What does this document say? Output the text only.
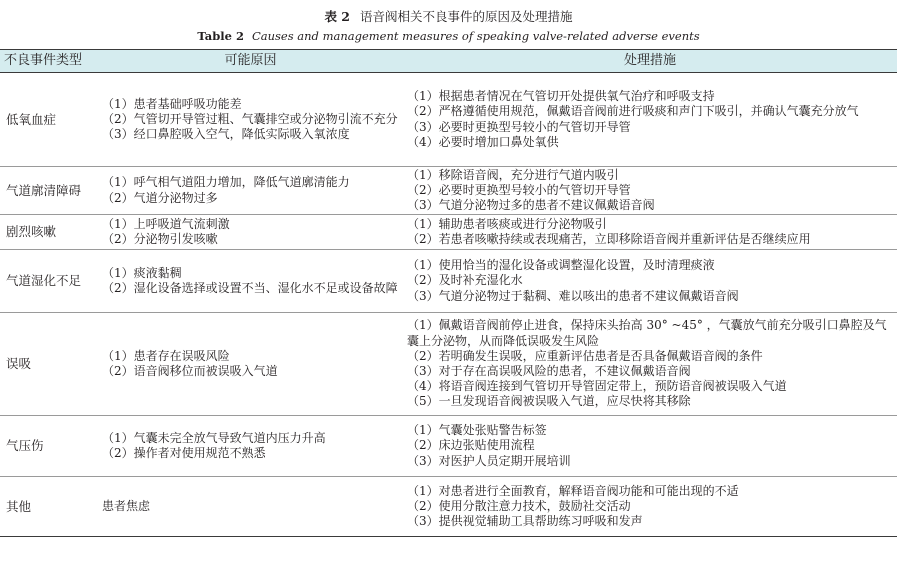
表 2 语音阀相关不良事件的原因及处理措施
Table 2 Causes and management measures of speaking valve-related adverse events
不良事件类型	可能原因	处理措施
低氧血症	（1）患者基础呼吸功能差
（2）气管切开导管过粗、气囊排空或分泌物引流不充分
（3）经口鼻腔吸入空气，降低实际吸入氧浓度	（1）根据患者情况在气管切开处提供氧气治疗和呼吸支持
（2）严格遵循使用规范，佩戴语音阀前进行吸痰和声门下吸引，并确认气囊充分放气
（3）必要时更换型号较小的气管切开导管
（4）必要时增加口鼻处氧供

气道廓清障碍	（1）呼气相气道阻力增加，降低气道廓清能力
（2）气道分泌物过多	（1）移除语音阀，充分进行气道内吸引
（2）必要时更换型号较小的气管切开导管
（3）气道分泌物过多的患者不建议佩戴语音阀

剧烈咳嗽	（1）上呼吸道气流刺激
（2）分泌物引发咳嗽	（1）辅助患者咳痰或进行分泌物吸引
（2）若患者咳嗽持续或表现痛苦，立即移除语音阀并重新评估是否继续应用

气道湿化不足	（1）痰液黏稠
（2）湿化设备选择或设置不当、湿化水不足或设备故障	（1）使用恰当的湿化设备或调整湿化设置，及时清理痰液
（2）及时补充湿化水
（3）气道分泌物过于黏稠、难以咳出的患者不建议佩戴语音阀

误吸	（1）患者存在误吸风险
（2）语音阀移位而被误吸入气道	（1）佩戴语音阀前停止进食，保持床头抬高 30° ~45° ，气囊放气前充分吸引口鼻腔及气囊上分泌物，从而降低误吸发生风险
（2）若明确发生误吸，应重新评估患者是否具备佩戴语音阀的条件
（3）对于存在高误吸风险的患者，不建议佩戴语音阀
（4）将语音阀连接到气管切开导管固定带上，预防语音阀被误吸入气道
（5）一旦发现语音阀被误吸入气道，应尽快将其移除

气压伤	（1）气囊未完全放气导致气道内压力升高
（2）操作者对使用规范不熟悉	（1）气囊处张贴警告标签
（2）床边张贴使用流程
（3）对医护人员定期开展培训

其他	患者焦虑	（1）对患者进行全面教育，解释语音阀功能和可能出现的不适
（2）使用分散注意力技术，鼓励社交活动
（3）提供视觉辅助工具帮助练习呼吸和发声
